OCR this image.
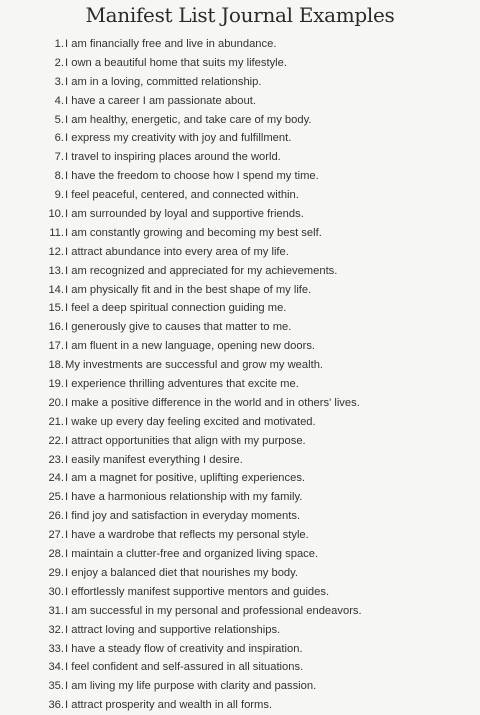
Manifest List Journal Examples
1. I am financially free and live in abundance.
2. I own a beautiful home that suits my lifestyle.
3. I am in a loving, committed relationship.
4. I have a career I am passionate about.
5. I am healthy, energetic, and take care of my body.
6. I express my creativity with joy and fulfillment.
7. I travel to inspiring places around the world.
8. I have the freedom to choose how I spend my time.
9. I feel peaceful, centered, and connected within.
10. I am surrounded by loyal and supportive friends.
11. I am constantly growing and becoming my best self.
12. I attract abundance into every area of my life.
13. I am recognized and appreciated for my achievements.
14. I am physically fit and in the best shape of my life.
15. I feel a deep spiritual connection guiding me.
16. I generously give to causes that matter to me.
17. I am fluent in a new language, opening new doors.
18. My investments are successful and grow my wealth.
19. I experience thrilling adventures that excite me.
20. I make a positive difference in the world and in others' lives.
21. I wake up every day feeling excited and motivated.
22. I attract opportunities that align with my purpose.
23. I easily manifest everything I desire.
24. I am a magnet for positive, uplifting experiences.
25. I have a harmonious relationship with my family.
26. I find joy and satisfaction in everyday moments.
27. I have a wardrobe that reflects my personal style.
28. I maintain a clutter-free and organized living space.
29. I enjoy a balanced diet that nourishes my body.
30. I effortlessly manifest supportive mentors and guides.
31. I am successful in my personal and professional endeavors.
32. I attract loving and supportive relationships.
33. I have a steady flow of creativity and inspiration.
34. I feel confident and self-assured in all situations.
35. I am living my life purpose with clarity and passion.
36. I attract prosperity and wealth in all forms.
